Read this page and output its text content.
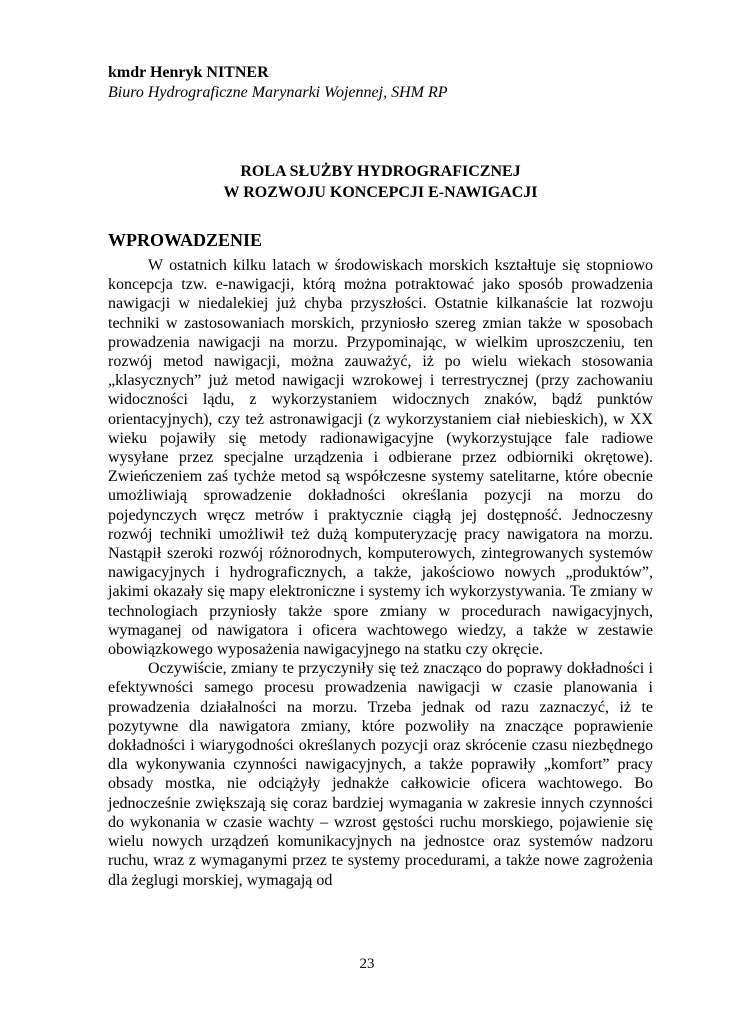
kmdr Henryk NITNER

Biuro Hydrograficzne Marynarki Wojennej, SHM RP

ROLA SŁUŻBY HYDROGRAFICZNEJ
W ROZWOJU KONCEPCJI E-NAWIGACJI
WPROWADZENIE

W ostatnich kilku latach w środowiskach morskich kształtuje się stopniowo koncepcja tzw. e-nawigacji, którą można potraktować jako sposób prowadzenia nawigacji w niedalekiej już chyba przyszłości. Ostatnie kilkanaście lat rozwoju techniki w zastosowaniach morskich, przyniosło szereg zmian także w sposobach prowadzenia nawigacji na morzu. Przypominając, w wielkim uproszczeniu, ten rozwój metod nawigacji, można zauważyć, iż po wielu wiekach stosowania „klasycznych” już metod nawigacji wzrokowej i terrestrycznej (przy zachowaniu widoczności lądu, z wykorzystaniem widocznych znaków, bądź punktów orientacyjnych), czy też astronawigacji (z wykorzystaniem ciał niebieskich), w XX wieku pojawiły się metody radionawigacyjne (wykorzystujące fale radiowe wysyłane przez specjalne urządzenia i odbierane przez odbiorniki okrętowe). Zwieńczeniem zaś tychże metod są współczesne systemy satelitarne, które obecnie umożliwiają sprowadzenie dokładności określania pozycji na morzu do pojedynczych wręcz metrów i praktycznie ciągłą jej dostępność. Jednoczesny rozwój techniki umożliwił też dużą komputeryzację pracy nawigatora na morzu. Nastąpił szeroki rozwój różnorodnych, komputerowych, zintegrowanych systemów nawigacyjnych i hydrograficznych, a także, jakościowo nowych „produktów”, jakimi okazały się mapy elektroniczne i systemy ich wykorzystywania. Te zmiany w technologiach przyniosły także spore zmiany w procedurach nawigacyjnych, wymaganej od nawigatora i oficera wachtowego wiedzy, a także w zestawie obowiązkowego wyposażenia nawigacyjnego na statku czy okręcie.

Oczywiście, zmiany te przyczyniły się też znacząco do poprawy dokładności i efektywności samego procesu prowadzenia nawigacji w czasie planowania i prowadzenia działalności na morzu. Trzeba jednak od razu zaznaczyć, iż te pozytywne dla nawigatora zmiany, które pozwoliły na znaczące poprawienie dokładności i wiarygodności określanych pozycji oraz skrócenie czasu niezbędnego dla wykonywania czynności nawigacyjnych, a także poprawiły „komfort” pracy obsady mostka, nie odciążyły jednakże całkowicie oficera wachtowego. Bo jednocześnie zwiększają się coraz bardziej wymagania w zakresie innych czynności do wykonania w czasie wachty – wzrost gęstości ruchu morskiego, pojawienie się wielu nowych urządzeń komunikacyjnych na jednostce oraz systemów nadzoru ruchu, wraz z wymaganymi przez te systemy procedurami, a także nowe zagrożenia dla żeglugi morskiej, wymagają od

23
